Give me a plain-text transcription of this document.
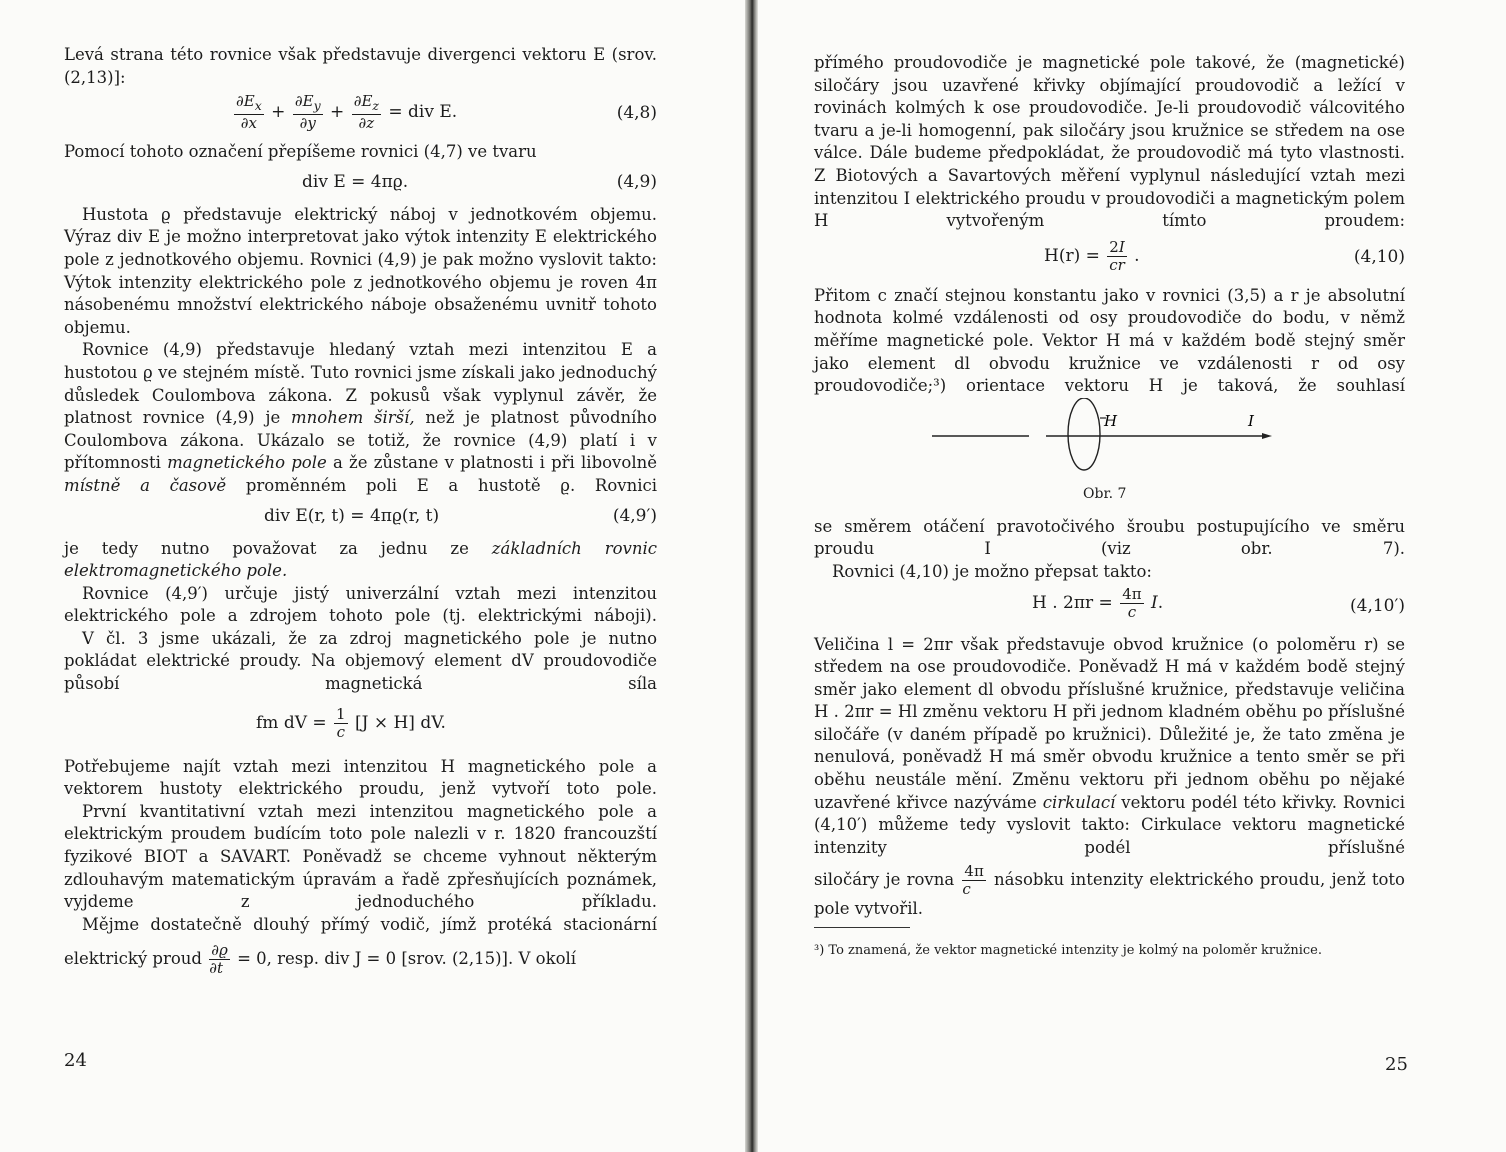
Levá strana této rovnice však představuje divergenci vektoru E (srov. (2,13)]:

$\frac{\partial E_x}{\partial x} + \frac{\partial E_y}{\partial y} + \frac{\partial E_z}{\partial z}$ = div E.	(4,8)

Pomocí tohoto označení přepíšeme rovnici (4,7) ve tvaru

div E = 4πϱ.	(4,9)

Hustota ϱ představuje elektrický náboj v jednotkovém objemu. Výraz div E je možno interpretovat jako výtok intenzity E elektrického pole z jednotkového objemu. Rovnici (4,9) je pak možno vyslovit takto: Výtok intenzity elektrického pole z jednotkového objemu je roven 4π násobenému množství elektrického náboje obsaženému uvnitř tohoto objemu.

Rovnice (4,9) představuje hledaný vztah mezi intenzitou E a hustotou ϱ ve stejném místě. Tuto rovnici jsme získali jako jednoduchý důsledek Coulombova zákona. Z pokusů však vyplynul závěr, že platnost rovnice (4,9) je mnohem širší, než je platnost původního Coulombova zákona. Ukázalo se totiž, že rovnice (4,9) platí i v přítomnosti magnetického pole a že zůstane v platnosti i při libovolně místně a časově proměnném poli E a hustotě ϱ. Rovnici

div E(r, t) = 4πϱ(r, t)	(4,9′)

je tedy nutno považovat za jednu ze základních rovnic elektromagnetického pole.

Rovnice (4,9′) určuje jistý univerzální vztah mezi intenzitou elektrického pole a zdrojem tohoto pole (tj. elektrickými náboji).

V čl. 3 jsme ukázali, že za zdroj magnetického pole je nutno pokládat elektrické proudy. Na objemový element dV proudovodiče působí magnetická síla

fm dV = $\frac{1}{c} [J \times H]$ dV.

Potřebujeme najít vztah mezi intenzitou H magnetického pole a vektorem hustoty elektrického proudu, jenž vytvoří toto pole.

První kvantitativní vztah mezi intenzitou magnetického pole a elektrickým proudem budícím toto pole nalezli v r. 1820 francouzští fyzikové BIOT a SAVART. Poněvadž se chceme vyhnout některým zdlouhavým matematickým úpravám a řadě zpřesňujících poznámek, vyjdeme z jednoduchého příkladu.

Mějme dostatečně dlouhý přímý vodič, jímž protéká stacionární

elektrický proud $\frac{\partial ϱ}{\partial t} = 0$, resp. div J = 0 [srov. (2,15)]. V okolí
24

přímého proudovodiče je magnetické pole takové, že (magnetické) siločáry jsou uzavřené křivky objímající proudovodič a ležící v rovinách kolmých k ose proudovodiče. Je-li proudovodič válcovitého tvaru a je-li homogenní, pak siločáry jsou kružnice se středem na ose válce. Dále budeme předpokládat, že proudovodič má tyto vlastnosti. Z Biotových a Savartových měření vyplynul následující vztah mezi intenzitou I elektrického proudu v proudovodiči a magnetickým polem H vytvořeným tímto proudem:

$H(r) = \frac{2I}{cr}$ .	(4,10)

Přitom c značí stejnou konstantu jako v rovnici (3,5) a r je absolutní hodnota kolmé vzdálenosti od osy proudovodiče do bodu, v němž měříme magnetické pole. Vektor H má v každém bodě stejný směr jako element dl obvodu kružnice ve vzdálenosti r od osy proudovodiče;³) orientace vektoru H je taková, že souhlasí

H	I
Obr. 7

se směrem otáčení pravotočivého šroubu postupujícího ve směru proudu I (viz obr. 7).

Rovnici (4,10) je možno přepsat takto:

H . $2\pi r = \frac{4\pi}{c} I$.	(4,10′)

Veličina l = 2πr však představuje obvod kružnice (o poloměru r) se středem na ose proudovodiče. Poněvadž H má v každém bodě stejný směr jako element dl obvodu příslušné kružnice, představuje veličina H . 2πr = Hl změnu vektoru H při jednom kladném oběhu po příslušné siločáře (v daném případě po kružnici). Důležité je, že tato změna je nenulová, poněvadž H má směr obvodu kružnice a tento směr se při oběhu neustále mění. Změnu vektoru při jednom oběhu po nějaké uzavřené křivce nazýváme cirkulací vektoru podél této křivky. Rovnici (4,10′) můžeme tedy vyslovit takto: Cirkulace vektoru magnetické intenzity podél příslušné

siločáry je rovna $\frac{4\pi}{c}$ násobku intenzity elektrického proudu, jenž toto pole vytvořil.

³) To znamená, že vektor magnetické intenzity je kolmý na poloměr kružnice.

25
